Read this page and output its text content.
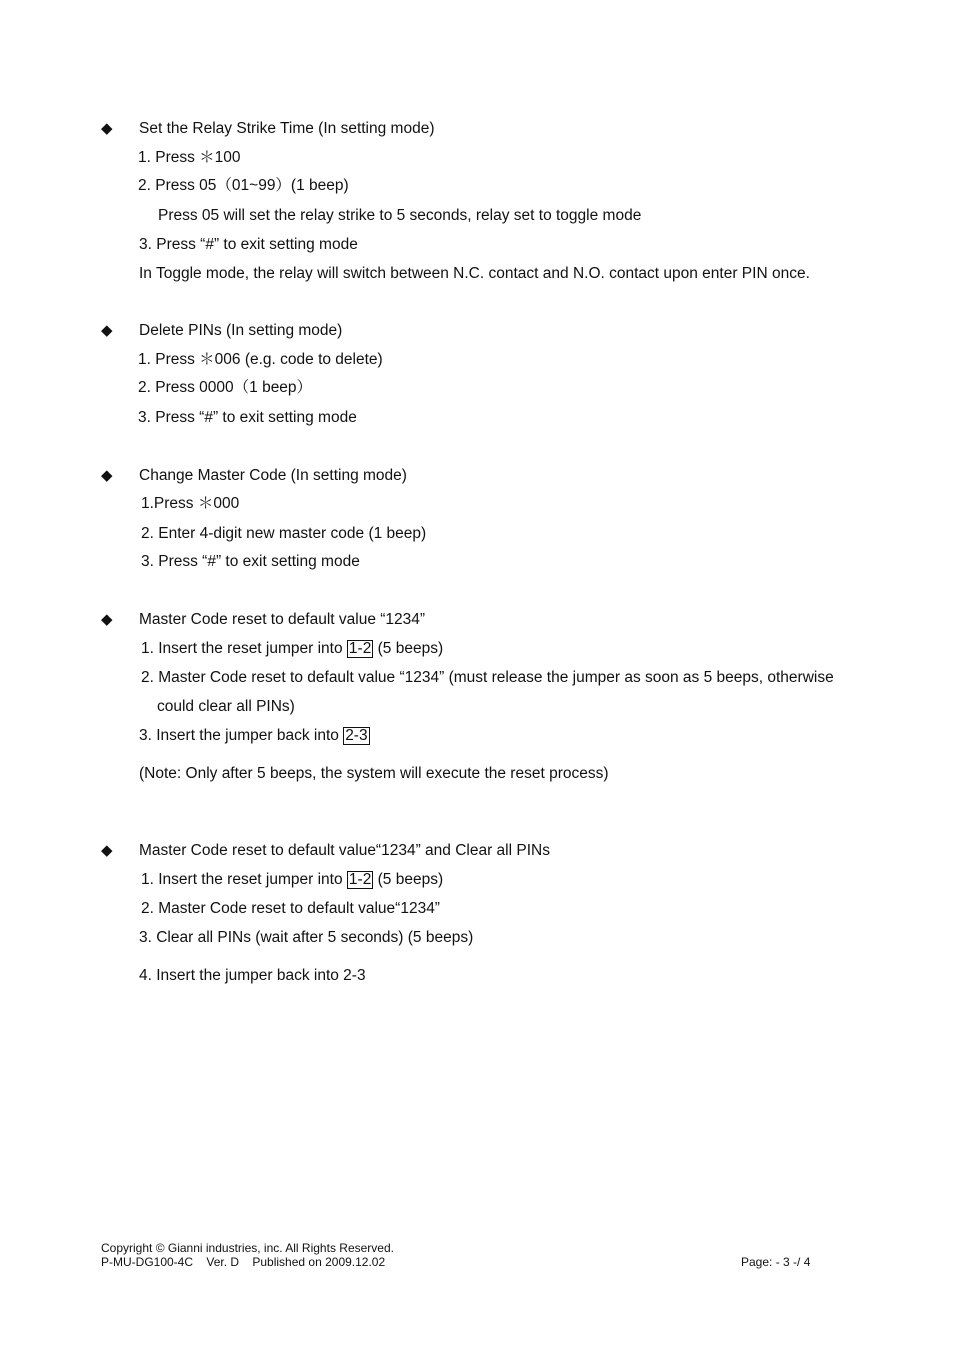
◆ Set the Relay Strike Time (In setting mode)
1. Press ＊100
2. Press 05（01~99）(1 beep)
Press 05 will set the relay strike to 5 seconds, relay set to toggle mode
3. Press “#” to exit setting mode
In Toggle mode, the relay will switch between N.C. contact and N.O. contact upon enter PIN once.
◆ Delete PINs (In setting mode)
1. Press ＊006 (e.g. code to delete)
2. Press 0000（1 beep）
3. Press “#” to exit setting mode
◆ Change Master Code (In setting mode)
1.Press ＊000
2. Enter 4-digit new master code (1 beep)
3. Press “#” to exit setting mode
◆ Master Code reset to default value “1234”
1. Insert the reset jumper into 1-2 (5 beeps)
2. Master Code reset to default value “1234” (must release the jumper as soon as 5 beeps, otherwise
could clear all PINs)
3. Insert the jumper back into 2-3
(Note: Only after 5 beeps, the system will execute the reset process)
◆ Master Code reset to default value“1234” and Clear all PINs
1. Insert the reset jumper into 1-2 (5 beeps)
2. Master Code reset to default value“1234”
3. Clear all PINs (wait after 5 seconds) (5 beeps)
4. Insert the jumper back into 2-3
Copyright © Gianni industries, inc. All Rights Reserved.
P-MU-DG100-4C    Ver. D    Published on 2009.12.02	Page: - 3 -/ 4
